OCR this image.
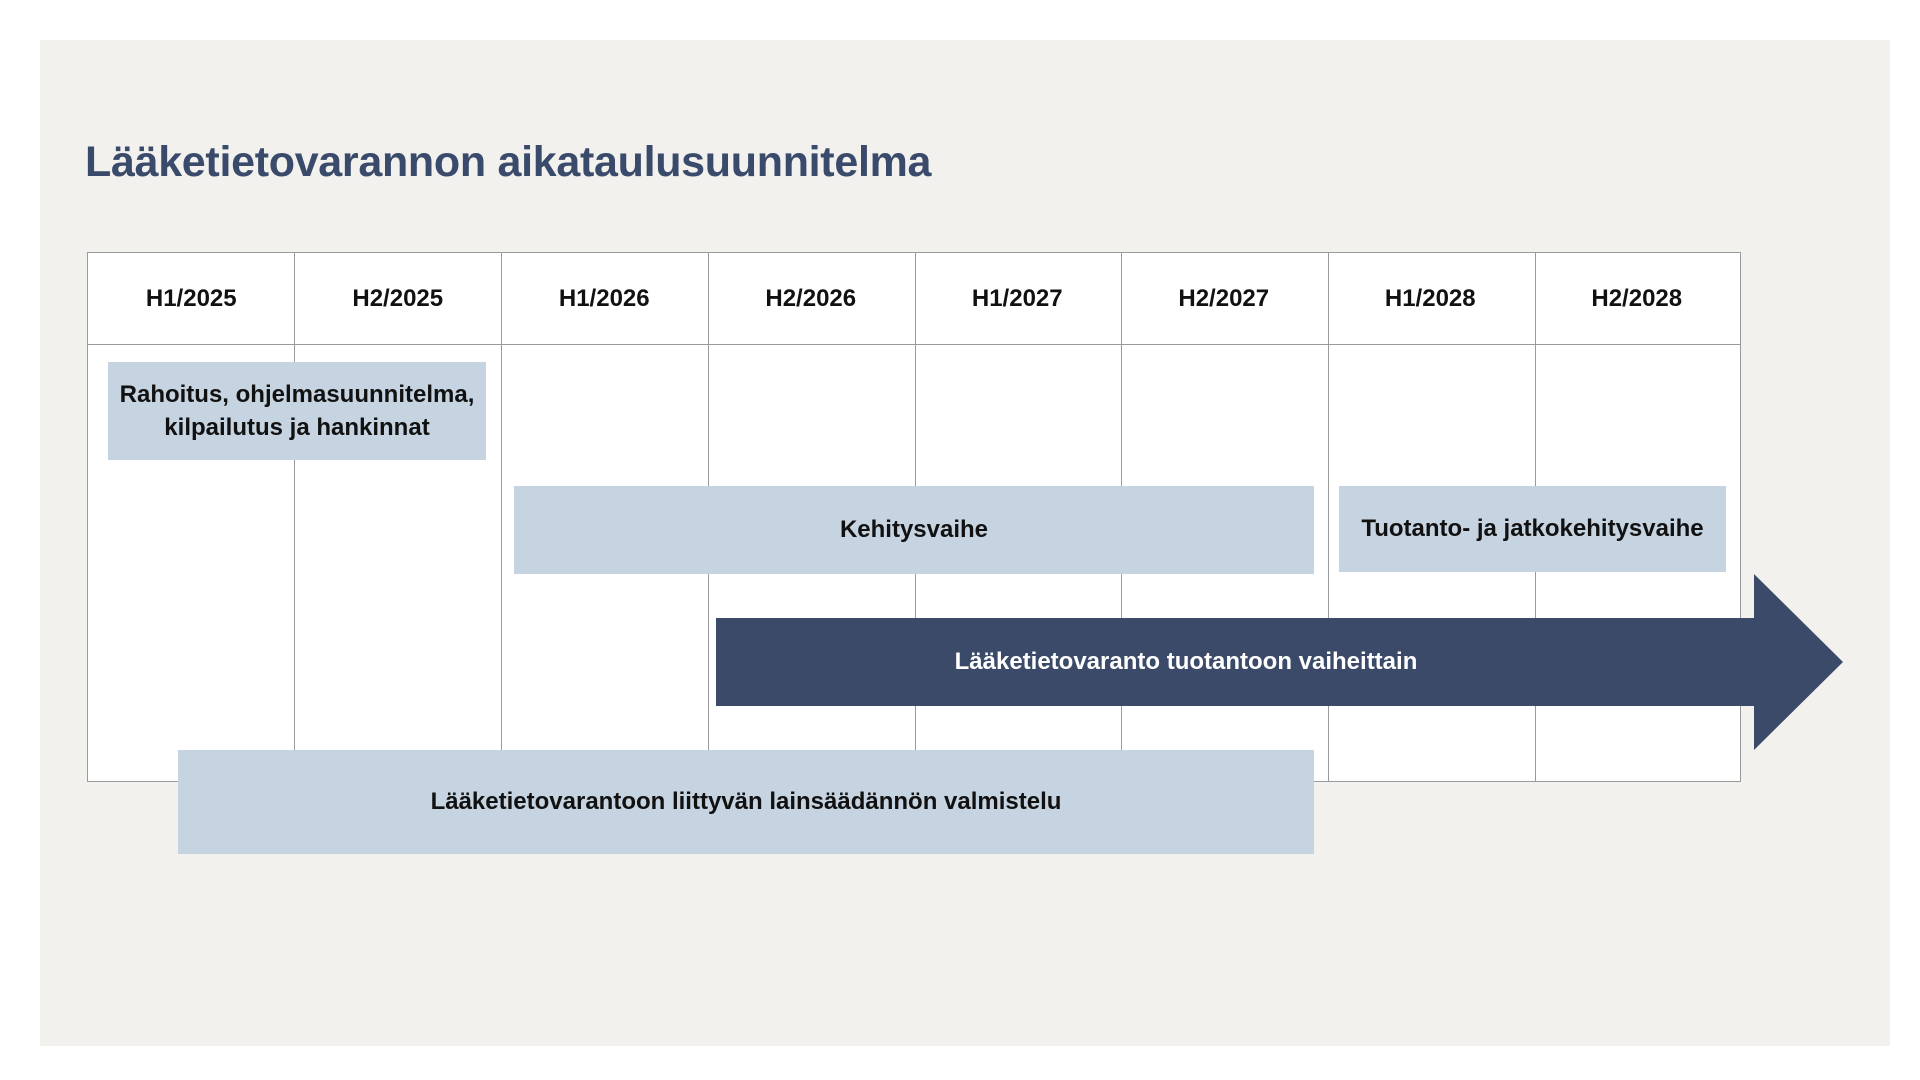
Lääketietovarannon aikataulusuunnitelma
H1/2025	H2/2025	H1/2026	H2/2026	H1/2027	H2/2027	H1/2028	H2/2028
Rahoitus, ohjelmasuunnitelma,
kilpailutus ja hankinnat
Kehitysvaihe	Tuotanto- ja jatkokehitysvaihe
Lääketietovaranto tuotantoon vaiheittain
Lääketietovarantoon liittyvän lainsäädännön valmistelu
